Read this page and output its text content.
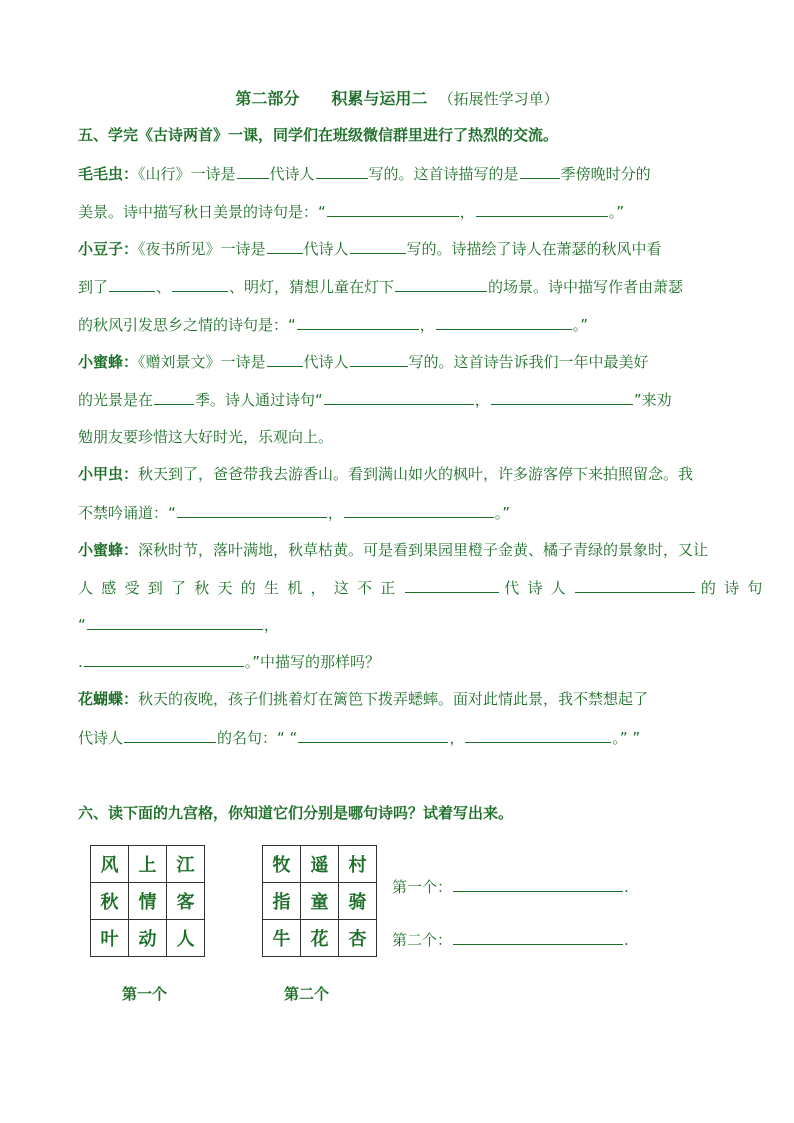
第二部分　　积累与运用二 （拓展性学习单）
五、学完《古诗两首》一课，同学们在班级微信群里进行了热烈的交流。
毛毛虫：《山行》一诗是 代诗人	写的。这首诗描写的是	季傍晚时分的
美景。诗中描写秋日美景的诗句是：“	，	。”
小豆子：《夜书所见》一诗是	代诗人	写的。诗描绘了诗人在萧瑟的秋风中看
到了	、	、明灯，猜想儿童在灯下	的场景。诗中描写作者由萧瑟
的秋风引发思乡之情的诗句是：“	，	。”
小蜜蜂：《赠刘景文》一诗是	代诗人	写的。这首诗告诉我们一年中最美好
的光景是在	季。诗人通过诗句“	，	”来劝
勉朋友要珍惜这大好时光，乐观向上。
小甲虫：秋天到了，爸爸带我去游香山。看到满山如火的枫叶，许多游客停下来拍照留念。我
不禁吟诵道：“	，	。”
小蜜蜂：深秋时节，落叶满地，秋草枯黄。可是看到果园里橙子金黄、橘子青绿的景象时，又让
人感受到了秋天的生机，这不正	代诗人	的诗句
“	，
.	。”中描写的那样吗？
花蝴蝶：秋天的夜晚，孩子们挑着灯在篱笆下拨弄蟋蟀。面对此情此景，我不禁想起了
代诗人	的名句：“ “	，	。” ”
六、读下面的九宫格，你知道它们分别是哪句诗吗？试着写出来。
风	上	江
秋	情	客
叶	动	人
牧	遥	村
指	童	骑
牛	花	杏
第一个：	.
第二个：	.
第一个	第二个
